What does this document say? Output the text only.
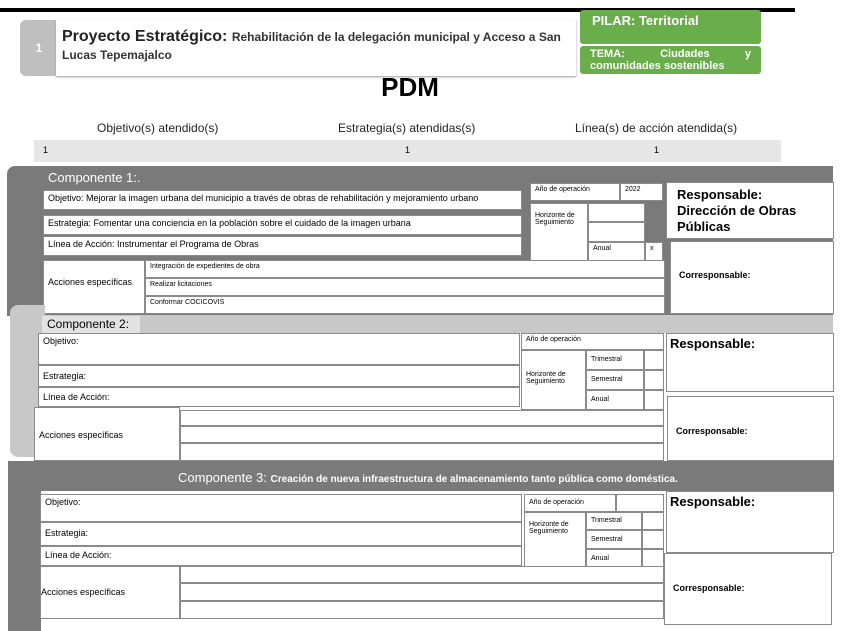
1
Proyecto Estratégico: Rehabilitación de la delegación municipal y Acceso a San Lucas Tepemajalco
PILAR: Territorial
TEMA:	Ciudades	y
comunidades sostenibles
PDM
Objetivo(s) atendido(s)	Estrategia(s) atendidas(s)	Línea(s) de acción atendida(s)
1	1	1
Componente 1:.
Objetivo: Mejorar la imagen urbana del municipio a través de obras de rehabilitación y mejoramiento urbano
Estrategia: Fomentar una conciencia en la población sobre el cuidado de la imagen urbana
Línea de Acción: Instrumentar el Programa de Obras
Año de operación	2022
Horizonte de Seguimiento
Anual	x
Acciones específicas
Integración de expedientes de obra
Realizar licitaciones
Conformar COCICOVIS
Responsable: Dirección de Obras Públicas
Corresponsable:
Componente 2:
Objetivo:
Estrategia:
Línea de Acción:
Año de operación
Horizonte de Seguimiento
Trimestral
Semestral
Anual
Acciones específicas
Responsable:
Corresponsable:
Componente 3: Creación de nueva infraestructura de almacenamiento tanto pública como doméstica.
Objetivo:
Estrategia:
Línea de Acción:
Año de operación
Horizonte de Seguimiento
Trimestral
Semestral
Anual
Acciones específicas
Responsable:
Corresponsable:
